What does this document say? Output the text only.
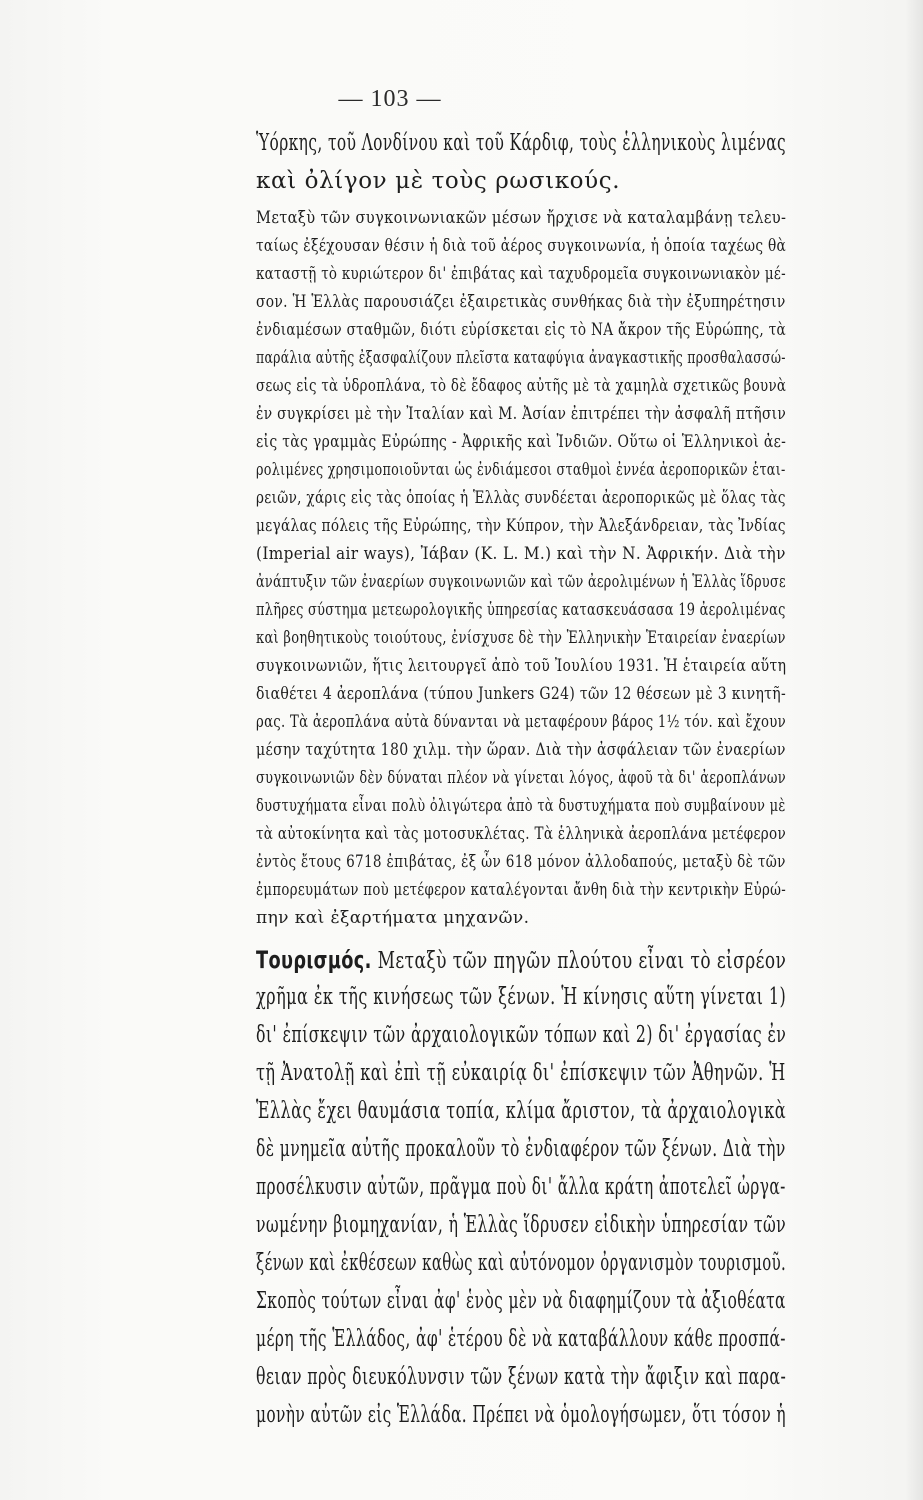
— 103 —
Ὑόρκης, τοῦ Λονδίνου καὶ τοῦ Κάρδιφ, τοὺς ἑλληνικοὺς λιμένας
καὶ ὀλίγον μὲ τοὺς ρωσικούς.
Μεταξὺ τῶν συγκοινωνιακῶν μέσων ἤρχισε νὰ καταλαμβάνῃ τελευ-
ταίως ἐξέχουσαν θέσιν ἡ διὰ τοῦ ἀέρος συγκοινωνία, ἡ ὁποία ταχέως θὰ
καταστῇ τὸ κυριώτερον δι' ἐπιβάτας καὶ ταχυδρομεῖα συγκοινωνιακὸν μέ-
σον. Ἡ Ἑλλὰς παρουσιάζει ἐξαιρετικὰς συνθήκας διὰ τὴν ἐξυπηρέτησιν
ἐνδιαμέσων σταθμῶν, διότι εὑρίσκεται εἰς τὸ ΝΑ ἄκρον τῆς Εὐρώπης, τὰ
παράλια αὐτῆς ἐξασφαλίζουν πλεῖστα καταφύγια ἀναγκαστικῆς προσθαλασσώ-
σεως εἰς τὰ ὑδροπλάνα, τὸ δὲ ἔδαφος αὐτῆς μὲ τὰ χαμηλὰ σχετικῶς βουνὰ
ἐν συγκρίσει μὲ τὴν Ἰταλίαν καὶ Μ. Ἀσίαν ἐπιτρέπει τὴν ἀσφαλῆ πτῆσιν
εἰς τὰς γραμμὰς Εὐρώπης - Ἀφρικῆς καὶ Ἰνδιῶν. Οὕτω οἱ Ἑλληνικοὶ ἀε-
ρολιμένες χρησιμοποιοῦνται ὡς ἐνδιάμεσοι σταθμοὶ ἐννέα ἀεροπορικῶν ἑται-
ρειῶν, χάρις εἰς τὰς ὁποίας ἡ Ἑλλὰς συνδέεται ἀεροπορικῶς μὲ ὅλας τὰς
μεγάλας πόλεις τῆς Εὐρώπης, τὴν Κύπρον, τὴν Ἀλεξάνδρειαν, τὰς Ἰνδίας
(Imperial air ways), Ἰάβαν (K. L. M.) καὶ τὴν Ν. Ἀφρικήν. Διὰ τὴν
ἀνάπτυξιν τῶν ἐναερίων συγκοινωνιῶν καὶ τῶν ἀερολιμένων ἡ Ἑλλὰς ἵδρυσε
πλῆρες σύστημα μετεωρολογικῆς ὑπηρεσίας κατασκευάσασα 19 ἀερολιμένας
καὶ βοηθητικοὺς τοιούτους, ἐνίσχυσε δὲ τὴν Ἑλληνικὴν Ἑταιρείαν ἐναερίων
συγκοινωνιῶν, ἥτις λειτουργεῖ ἀπὸ τοῦ Ἰουλίου 1931. Ἡ ἑταιρεία αὕτη
διαθέτει 4 ἀεροπλάνα (τύπου Junkers G24) τῶν 12 θέσεων μὲ 3 κινητῆ-
ρας. Τὰ ἀεροπλάνα αὐτὰ δύνανται νὰ μεταφέρουν βάρος 1½ τόν. καὶ ἔχουν
μέσην ταχύτητα 180 χιλμ. τὴν ὥραν. Διὰ τὴν ἀσφάλειαν τῶν ἐναερίων
συγκοινωνιῶν δὲν δύναται πλέον νὰ γίνεται λόγος, ἀφοῦ τὰ δι' ἀεροπλάνων
δυστυχήματα εἶναι πολὺ ὀλιγώτερα ἀπὸ τὰ δυστυχήματα ποὺ συμβαίνουν μὲ
τὰ αὐτοκίνητα καὶ τὰς μοτοσυκλέτας. Τὰ ἑλληνικὰ ἀεροπλάνα μετέφερον
ἐντὸς ἔτους 6718 ἐπιβάτας, ἐξ ὧν 618 μόνον ἀλλοδαπούς, μεταξὺ δὲ τῶν
ἐμπορευμάτων ποὺ μετέφερον καταλέγονται ἄνθη διὰ τὴν κεντρικὴν Εὐρώ-
πην καὶ ἐξαρτήματα μηχανῶν.
Τουρισμός. Μεταξὺ τῶν πηγῶν πλούτου εἶναι τὸ εἰσρέον
χρῆμα ἐκ τῆς κινήσεως τῶν ξένων. Ἡ κίνησις αὕτη γίνεται 1)
δι' ἐπίσκεψιν τῶν ἀρχαιολογικῶν τόπων καὶ 2) δι' ἐργασίας ἐν
τῇ Ἀνατολῇ καὶ ἐπὶ τῇ εὐκαιρίᾳ δι' ἐπίσκεψιν τῶν Ἀθηνῶν. Ἡ
Ἑλλὰς ἔχει θαυμάσια τοπία, κλίμα ἄριστον, τὰ ἀρχαιολογικὰ
δὲ μνημεῖα αὐτῆς προκαλοῦν τὸ ἐνδιαφέρον τῶν ξένων. Διὰ τὴν
προσέλκυσιν αὐτῶν, πρᾶγμα ποὺ δι' ἄλλα κράτη ἀποτελεῖ ὠργα-
νωμένην βιομηχανίαν, ἡ Ἑλλὰς ἵδρυσεν εἰδικὴν ὑπηρεσίαν τῶν
ξένων καὶ ἐκθέσεων καθὼς καὶ αὐτόνομον ὀργανισμὸν τουρισμοῦ.
Σκοπὸς τούτων εἶναι ἀφ' ἑνὸς μὲν νὰ διαφημίζουν τὰ ἀξιοθέατα
μέρη τῆς Ἑλλάδος, ἀφ' ἑτέρου δὲ νὰ καταβάλλουν κάθε προσπά-
θειαν πρὸς διευκόλυνσιν τῶν ξένων κατὰ τὴν ἄφιξιν καὶ παρα-
μονὴν αὐτῶν εἰς Ἑλλάδα. Πρέπει νὰ ὁμολογήσωμεν, ὅτι τόσον ἡ
